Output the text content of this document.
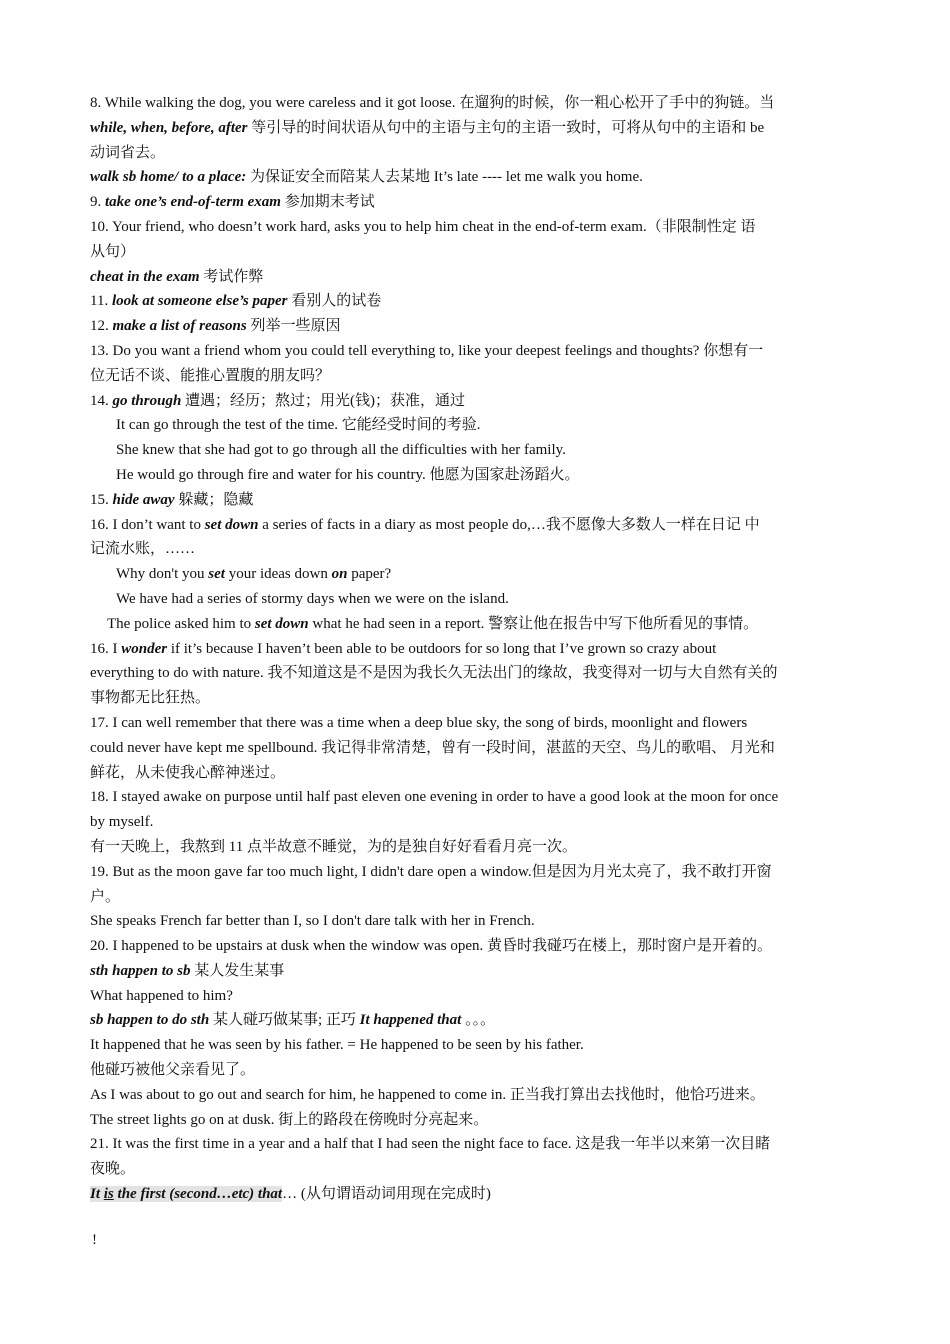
8. While walking the dog, you were careless and it got loose. 在遛狗的时候，你一粗心松开了手中的狗链。当

while, when, before, after 等引导的时间状语从句中的主语与主句的主语一致时，可将从句中的主语和 be

动词省去。

walk sb home/ to a place: 为保证安全而陪某人去某地 It’s late ---- let me walk you home.

9. take one’s end-of-term exam 参加期末考试

10. Your friend, who doesn’t work hard, asks you to help him cheat in the end-of-term exam.（非限制性定 语

从句）

cheat in the exam 考试作弊

11. look at someone else’s paper 看别人的试卷

12. make a list of reasons 列举一些原因

13. Do you want a friend whom you could tell everything to, like your deepest feelings and thoughts? 你想有一

位无话不谈、能推心置腹的朋友吗？

14. go through 遭遇；经历；熬过；用光(钱)；获准，通过

It can go through the test of the time. 它能经受时间的考验.

She knew that she had got to go through all the difficulties with her family.

He would go through fire and water for his country. 他愿为国家赴汤蹈火。

15. hide away 躲藏；隐藏

16. I don’t want to set down a series of facts in a diary as most people do,…我不愿像大多数人一样在日记 中

记流水账，……

Why don't you set your ideas down on paper?

We have had a series of stormy days when we were on the island.

The police asked him to set down what he had seen in a report. 警察让他在报告中写下他所看见的事情。

16. I wonder if it’s because I haven’t been able to be outdoors for so long that I’ve grown so crazy about

everything to do with nature. 我不知道这是不是因为我长久无法出门的缘故，我变得对一切与大自然有关的

事物都无比狂热。

17. I can well remember that there was a time when a deep blue sky, the song of birds, moonlight and flowers

could never have kept me spellbound. 我记得非常清楚，曾有一段时间，湛蓝的天空、鸟儿的歌唱、 月光和

鲜花，从未使我心醉神迷过。

18. I stayed awake on purpose until half past eleven one evening in order to have a good look at the moon for once

by myself.

有一天晚上，我熬到 11 点半故意不睡觉，为的是独自好好看看月亮一次。

19. But as the moon gave far too much light, I didn't dare open a window.但是因为月光太亮了，我不敢打开窗

户。

She speaks French far better than I, so I don't dare talk with her in French.

20. I happened to be upstairs at dusk when the window was open. 黄昏时我碰巧在楼上，那时窗户是开着的。

sth happen to sb 某人发生某事

What happened to him?

sb happen to do sth 某人碰巧做某事; 正巧 It happened that 。。。

It happened that he was seen by his father. = He happened to be seen by his father.

他碰巧被他父亲看见了。

As I was about to go out and search for him, he happened to come in. 正当我打算出去找他时，他恰巧进来。

The street lights go on at dusk. 街上的路段在傍晚时分亮起来。

21. It was the first time in a year and a half that I had seen the night face to face. 这是我一年半以来第一次目睹

夜晚。

It is the first (second…etc) that… (从句谓语动词用现在完成时)

!
